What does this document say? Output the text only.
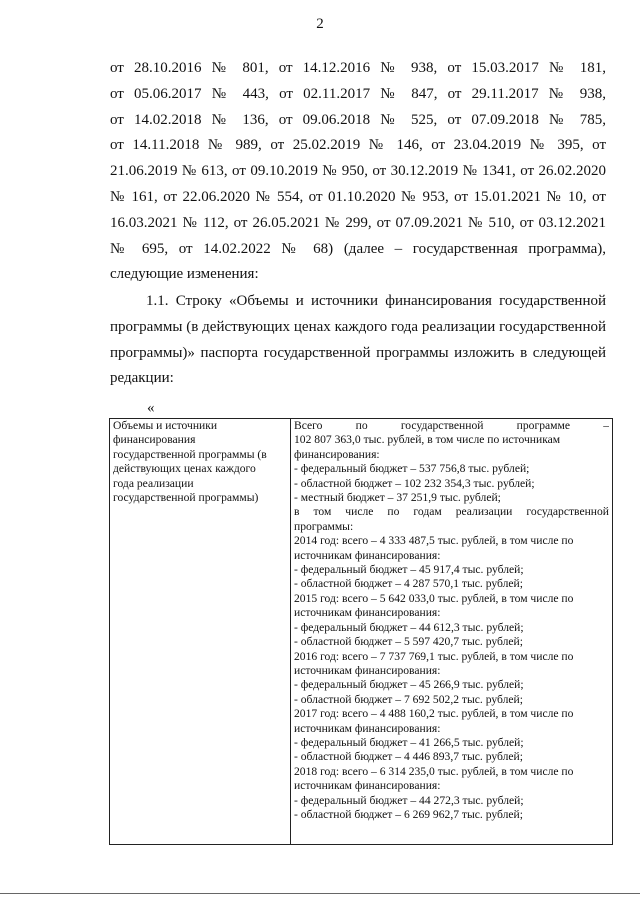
2

от 28.10.2016 № 801, от 14.12.2016 № 938, от 15.03.2017 № 181,
от 05.06.2017 № 443, от 02.11.2017 № 847, от 29.11.2017 № 938,
от 14.02.2018 № 136, от 09.06.2018 № 525, от 07.09.2018 № 785,
от 14.11.2018 № 989, от 25.02.2019 № 146, от 23.04.2019 № 395, от
21.06.2019 № 613, от 09.10.2019 № 950, от 30.12.2019 № 1341, от 26.02.2020
№ 161, от 22.06.2020 № 554, от 01.10.2020 № 953, от 15.01.2021 № 10, от
16.03.2021 № 112, от 26.05.2021 № 299, от 07.09.2021 № 510, от 03.12.2021
№ 695, от 14.02.2022 № 68) (далее – государственная программа),
следующие изменения:

1.1. Строку «Объемы и источники финансирования государственной
программы (в действующих ценах каждого года реализации государственной
программы)» паспорта государственной программы изложить в следующей
редакции:

«
Объемы и источники
финансирования
государственной программы (в
действующих ценах каждого
года реализации
государственной программы)

Всего по государственной программе –
102 807 363,0 тыс. рублей, в том числе по источникам
финансирования:
- федеральный бюджет – 537 756,8 тыс. рублей;
- областной бюджет – 102 232 354,3 тыс. рублей;
- местный бюджет – 37 251,9 тыс. рублей;
в том числе по годам реализации государственной
программы:
2014 год: всего – 4 333 487,5 тыс. рублей, в том числе по
источникам финансирования:
- федеральный бюджет – 45 917,4 тыс. рублей;
- областной бюджет – 4 287 570,1 тыс. рублей;
2015 год: всего – 5 642 033,0 тыс. рублей, в том числе по
источникам финансирования:
- федеральный бюджет – 44 612,3 тыс. рублей;
- областной бюджет – 5 597 420,7 тыс. рублей;
2016 год: всего – 7 737 769,1 тыс. рублей, в том числе по
источникам финансирования:
- федеральный бюджет – 45 266,9 тыс. рублей;
- областной бюджет – 7 692 502,2 тыс. рублей;
2017 год: всего – 4 488 160,2 тыс. рублей, в том числе по
источникам финансирования:
- федеральный бюджет – 41 266,5 тыс. рублей;
- областной бюджет – 4 446 893,7 тыс. рублей;
2018 год: всего – 6 314 235,0 тыс. рублей, в том числе по
источникам финансирования:
- федеральный бюджет – 44 272,3 тыс. рублей;
- областной бюджет – 6 269 962,7 тыс. рублей;
